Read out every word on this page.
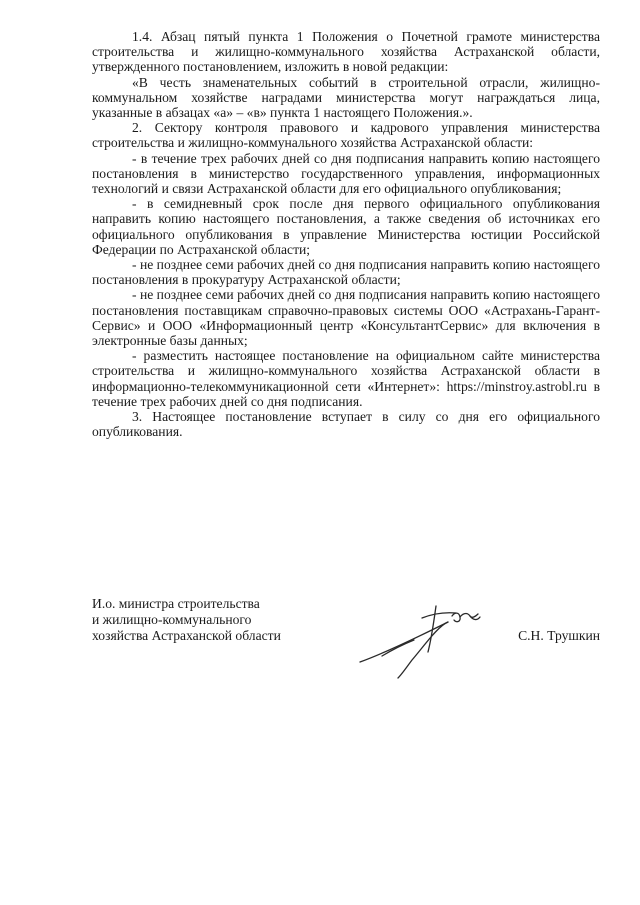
1.4. Абзац пятый пункта 1 Положения о Почетной грамоте министерства строительства и жилищно-коммунального хозяйства Астраханской области, утвержденного постановлением, изложить в новой редакции:

«В честь знаменательных событий в строительной отрасли, жилищно-коммунальном хозяйстве наградами министерства могут награждаться лица, указанные в абзацах «а» – «в» пункта 1 настоящего Положения.».

2. Сектору контроля правового и кадрового управления министерства строительства и жилищно-коммунального хозяйства Астраханской области:

- в течение трех рабочих дней со дня подписания направить копию настоящего постановления в министерство государственного управления, информационных технологий и связи Астраханской области для его официального опубликования;

- в семидневный срок после дня первого официального опубликования направить копию настоящего постановления, а также сведения об источниках его официального опубликования в управление Министерства юстиции Российской Федерации по Астраханской области;

- не позднее семи рабочих дней со дня подписания направить копию настоящего постановления в прокуратуру Астраханской области;

- не позднее семи рабочих дней со дня подписания направить копию настоящего постановления поставщикам справочно-правовых системы ООО «Астрахань-Гарант-Сервис» и ООО «Информационный центр «КонсультантСервис» для включения в электронные базы данных;

- разместить настоящее постановление на официальном сайте министерства строительства и жилищно-коммунального хозяйства Астраханской области в информационно-телекоммуникационной сети «Интернет»: https://minstroy.astrobl.ru в течение трех рабочих дней со дня подписания.

3. Настоящее постановление вступает в силу со дня его официального опубликования.

И.о. министра строительства
и жилищно-коммунального
хозяйства Астраханской области	С.Н. Трушкин
